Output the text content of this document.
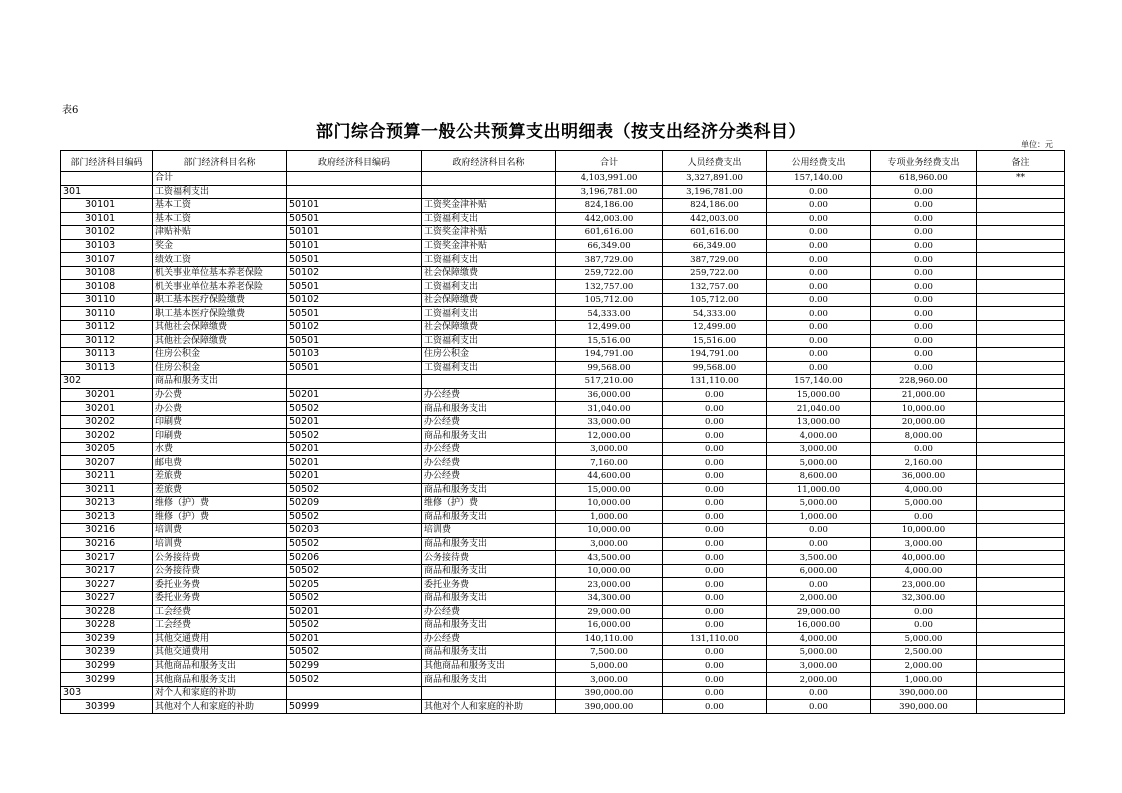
表6
部门综合预算一般公共预算支出明细表（按支出经济分类科目）
单位：元
部门经济科目编码	部门经济科目名称	政府经济科目编码	政府经济科目名称	合计	人员经费支出	公用经费支出	专项业务经费支出	备注
	合计			4,103,991.00	3,327,891.00	157,140.00	618,960.00	**
301	工资福利支出			3,196,781.00	3,196,781.00	0.00	0.00	
30101	基本工资	50101	工资奖金津补贴	824,186.00	824,186.00	0.00	0.00	
30101	基本工资	50501	工资福利支出	442,003.00	442,003.00	0.00	0.00	
30102	津贴补贴	50101	工资奖金津补贴	601,616.00	601,616.00	0.00	0.00	
30103	奖金	50101	工资奖金津补贴	66,349.00	66,349.00	0.00	0.00	
30107	绩效工资	50501	工资福利支出	387,729.00	387,729.00	0.00	0.00	
30108	机关事业单位基本养老保险	50102	社会保障缴费	259,722.00	259,722.00	0.00	0.00	
30108	机关事业单位基本养老保险	50501	工资福利支出	132,757.00	132,757.00	0.00	0.00	
30110	职工基本医疗保险缴费	50102	社会保障缴费	105,712.00	105,712.00	0.00	0.00	
30110	职工基本医疗保险缴费	50501	工资福利支出	54,333.00	54,333.00	0.00	0.00	
30112	其他社会保障缴费	50102	社会保障缴费	12,499.00	12,499.00	0.00	0.00	
30112	其他社会保障缴费	50501	工资福利支出	15,516.00	15,516.00	0.00	0.00	
30113	住房公积金	50103	住房公积金	194,791.00	194,791.00	0.00	0.00	
30113	住房公积金	50501	工资福利支出	99,568.00	99,568.00	0.00	0.00	
302	商品和服务支出			517,210.00	131,110.00	157,140.00	228,960.00	
30201	办公费	50201	办公经费	36,000.00	0.00	15,000.00	21,000.00	
30201	办公费	50502	商品和服务支出	31,040.00	0.00	21,040.00	10,000.00	
30202	印刷费	50201	办公经费	33,000.00	0.00	13,000.00	20,000.00	
30202	印刷费	50502	商品和服务支出	12,000.00	0.00	4,000.00	8,000.00	
30205	水费	50201	办公经费	3,000.00	0.00	3,000.00	0.00	
30207	邮电费	50201	办公经费	7,160.00	0.00	5,000.00	2,160.00	
30211	差旅费	50201	办公经费	44,600.00	0.00	8,600.00	36,000.00	
30211	差旅费	50502	商品和服务支出	15,000.00	0.00	11,000.00	4,000.00	
30213	维修（护）费	50209	维修（护）费	10,000.00	0.00	5,000.00	5,000.00	
30213	维修（护）费	50502	商品和服务支出	1,000.00	0.00	1,000.00	0.00	
30216	培训费	50203	培训费	10,000.00	0.00	0.00	10,000.00	
30216	培训费	50502	商品和服务支出	3,000.00	0.00	0.00	3,000.00	
30217	公务接待费	50206	公务接待费	43,500.00	0.00	3,500.00	40,000.00	
30217	公务接待费	50502	商品和服务支出	10,000.00	0.00	6,000.00	4,000.00	
30227	委托业务费	50205	委托业务费	23,000.00	0.00	0.00	23,000.00	
30227	委托业务费	50502	商品和服务支出	34,300.00	0.00	2,000.00	32,300.00	
30228	工会经费	50201	办公经费	29,000.00	0.00	29,000.00	0.00	
30228	工会经费	50502	商品和服务支出	16,000.00	0.00	16,000.00	0.00	
30239	其他交通费用	50201	办公经费	140,110.00	131,110.00	4,000.00	5,000.00	
30239	其他交通费用	50502	商品和服务支出	7,500.00	0.00	5,000.00	2,500.00	
30299	其他商品和服务支出	50299	其他商品和服务支出	5,000.00	0.00	3,000.00	2,000.00	
30299	其他商品和服务支出	50502	商品和服务支出	3,000.00	0.00	2,000.00	1,000.00	
303	对个人和家庭的补助			390,000.00	0.00	0.00	390,000.00	
30399	其他对个人和家庭的补助	50999	其他对个人和家庭的补助	390,000.00	0.00	0.00	390,000.00	
